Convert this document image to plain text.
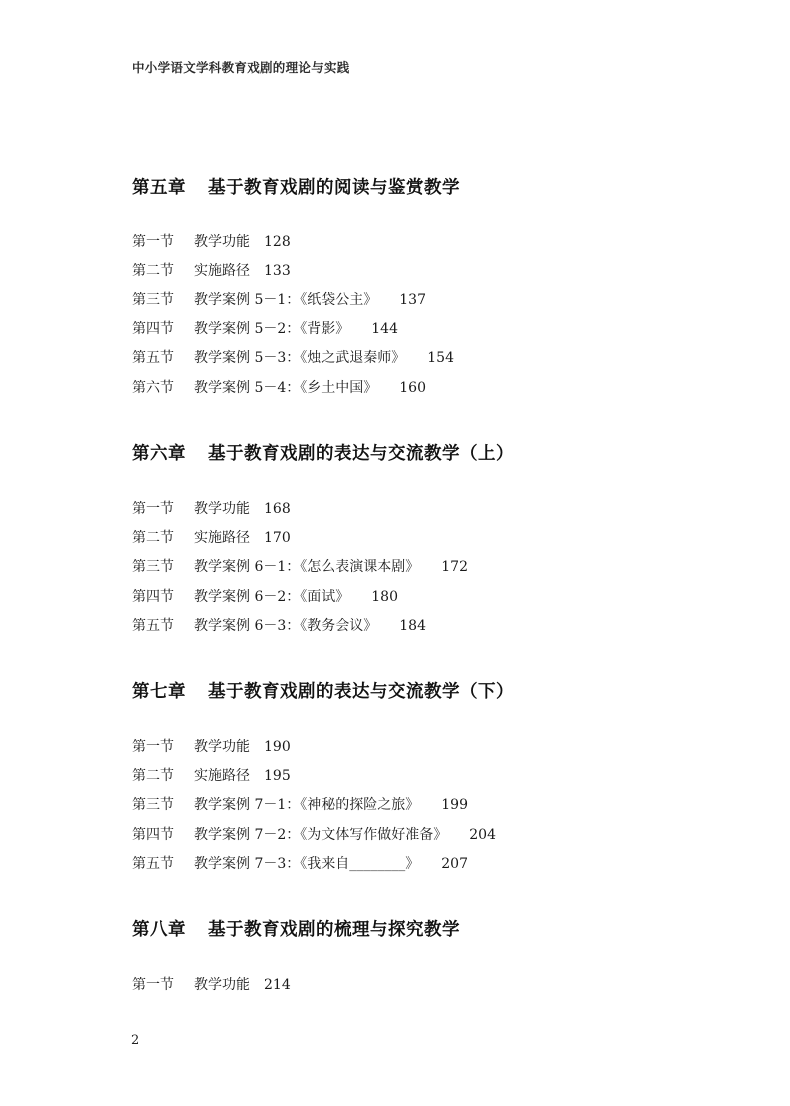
中小学语文学科教育戏剧的理论与实践
第五章 基于教育戏剧的阅读与鉴赏教学
第一节 教学功能 128
第二节 实施路径 133
第三节 教学案例 5－1：《纸袋公主》 137
第四节 教学案例 5－2：《背影》 144
第五节 教学案例 5－3：《烛之武退秦师》 154
第六节 教学案例 5－4：《乡土中国》 160
第六章 基于教育戏剧的表达与交流教学（上）
第一节 教学功能 168
第二节 实施路径 170
第三节 教学案例 6－1：《怎么表演课本剧》 172
第四节 教学案例 6－2：《面试》 180
第五节 教学案例 6－3：《教务会议》 184
第七章 基于教育戏剧的表达与交流教学（下）
第一节 教学功能 190
第二节 实施路径 195
第三节 教学案例 7－1：《神秘的探险之旅》 199
第四节 教学案例 7－2：《为文体写作做好准备》 204
第五节 教学案例 7－3：《我来自________》 207
第八章 基于教育戏剧的梳理与探究教学
第一节 教学功能 214
2
